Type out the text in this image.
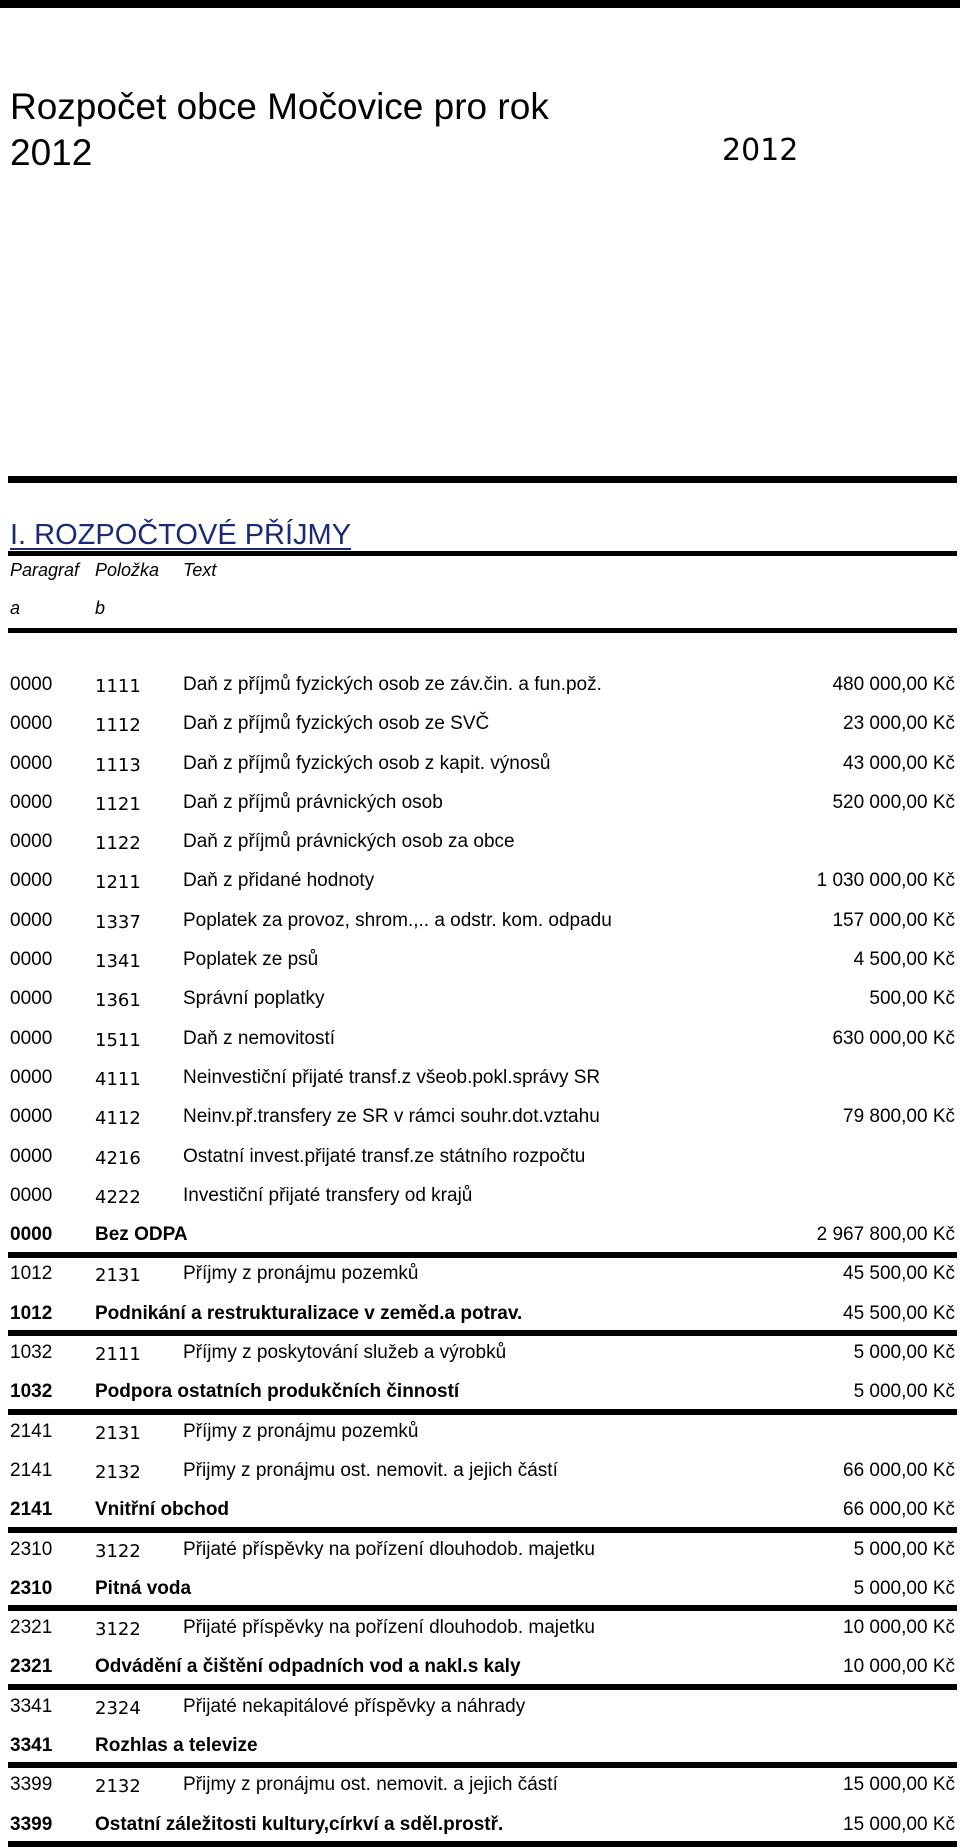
Rozpočet obce Močovice pro rok
2012	2012
I. ROZPOČTOVÉ PŘÍJMY
Paragraf Položka Text
a	b
0000 1111 Daň z příjmů fyzických osob ze záv.čin. a fun.pož.	480 000,00 Kč
0000 1112 Daň z příjmů fyzických osob ze SVČ	23 000,00 Kč
0000 1113 Daň z příjmů fyzických osob z kapit. výnosů	43 000,00 Kč
0000 1121 Daň z příjmů právnických osob	520 000,00 Kč
0000 1122 Daň z příjmů právnických osob za obce
0000 1211 Daň z přidané hodnoty	1 030 000,00 Kč
0000 1337 Poplatek za provoz, shrom.,.. a odstr. kom. odpadu	157 000,00 Kč
0000 1341 Poplatek ze psů	4 500,00 Kč
0000 1361 Správní poplatky	500,00 Kč
0000 1511 Daň z nemovitostí	630 000,00 Kč
0000 4111 Neinvestiční přijaté transf.z všeob.pokl.správy SR
0000 4112 Neinv.př.transfery ze SR v rámci souhr.dot.vztahu	79 800,00 Kč
0000 4216 Ostatní invest.přijaté transf.ze státního rozpočtu
0000 4222 Investiční přijaté transfery od krajů
0000 Bez ODPA	2 967 800,00 Kč
1012 2131 Příjmy z pronájmu pozemků	45 500,00 Kč
1012 Podnikání a restrukturalizace v zeměd.a potrav.	45 500,00 Kč
1032 2111 Příjmy z poskytování služeb a výrobků	5 000,00 Kč
1032 Podpora ostatních produkčních činností	5 000,00 Kč
2141 2131 Příjmy z pronájmu pozemků
2141 2132 Přijmy z pronájmu ost. nemovit. a jejich částí	66 000,00 Kč
2141 Vnitřní obchod	66 000,00 Kč
2310 3122 Přijaté příspěvky na pořízení dlouhodob. majetku	5 000,00 Kč
2310 Pitná voda	5 000,00 Kč
2321 3122 Přijaté příspěvky na pořízení dlouhodob. majetku	10 000,00 Kč
2321 Odvádění a čištění odpadních vod a nakl.s kaly	10 000,00 Kč
3341 2324 Přijaté nekapitálové příspěvky a náhrady
3341 Rozhlas a televize
3399 2132 Přijmy z pronájmu ost. nemovit. a jejich částí	15 000,00 Kč
3399 Ostatní záležitosti kultury,církví a sděl.prostř.	15 000,00 Kč
